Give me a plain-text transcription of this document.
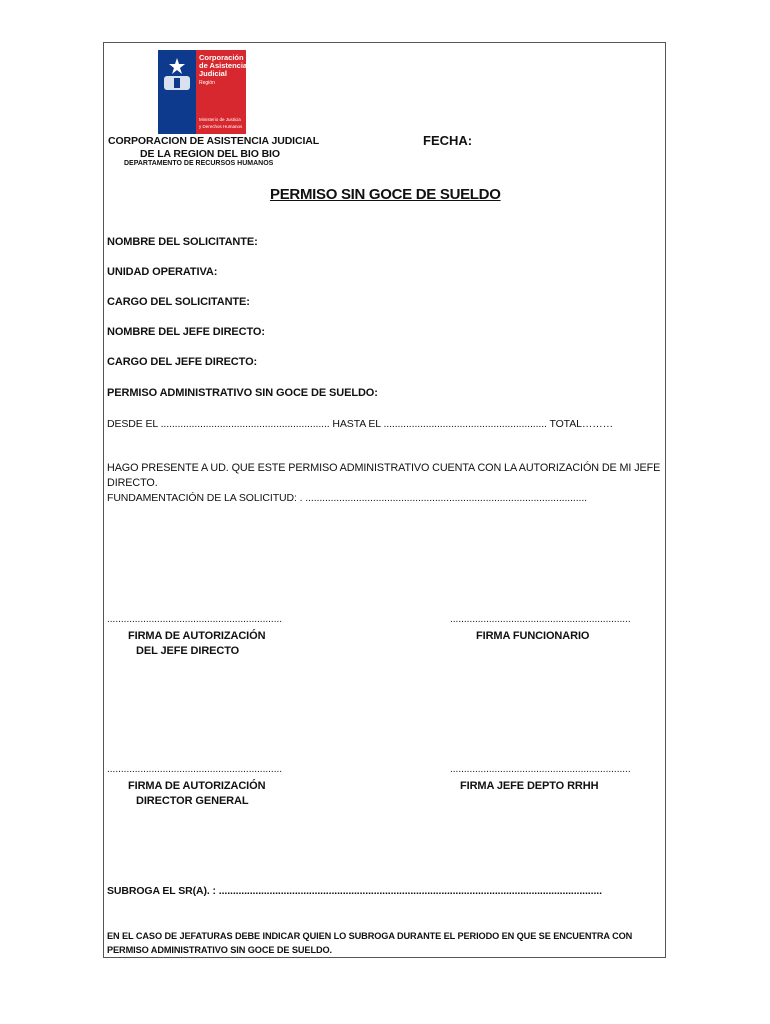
Corporación
de Asistencia
Judicial
Región
Ministerio de Justicia
y Derechos Humanos
CORPORACION DE ASISTENCIA JUDICIAL
DE LA REGION DEL BIO BIO
DEPARTAMENTO DE RECURSOS HUMANOS
FECHA:
PERMISO SIN GOCE DE SUELDO
NOMBRE DEL SOLICITANTE:
UNIDAD OPERATIVA:
CARGO DEL SOLICITANTE:
NOMBRE DEL JEFE DIRECTO:
CARGO DEL JEFE DIRECTO:
PERMISO ADMINISTRATIVO SIN GOCE DE SUELDO:
DESDE EL ............................................................ HASTA EL .......................................................... TOTAL………
HAGO PRESENTE A UD. QUE ESTE PERMISO ADMINISTRATIVO CUENTA CON LA AUTORIZACIÓN DE MI JEFE
DIRECTO.
FUNDAMENTACIÓN DE LA SOLICITUD: . ....................................................................................................
...............................................................	.................................................................
FIRMA DE AUTORIZACIÓN
DEL JEFE DIRECTO
FIRMA FUNCIONARIO
...............................................................	.................................................................
FIRMA DE AUTORIZACIÓN
DIRECTOR GENERAL
FIRMA JEFE DEPTO RRHH
SUBROGA EL SR(A). : ........................................................................................................................................
EN EL CASO DE JEFATURAS DEBE INDICAR QUIEN LO SUBROGA DURANTE EL PERIODO EN QUE SE ENCUENTRA CON
PERMISO ADMINISTRATIVO SIN GOCE DE SUELDO.
